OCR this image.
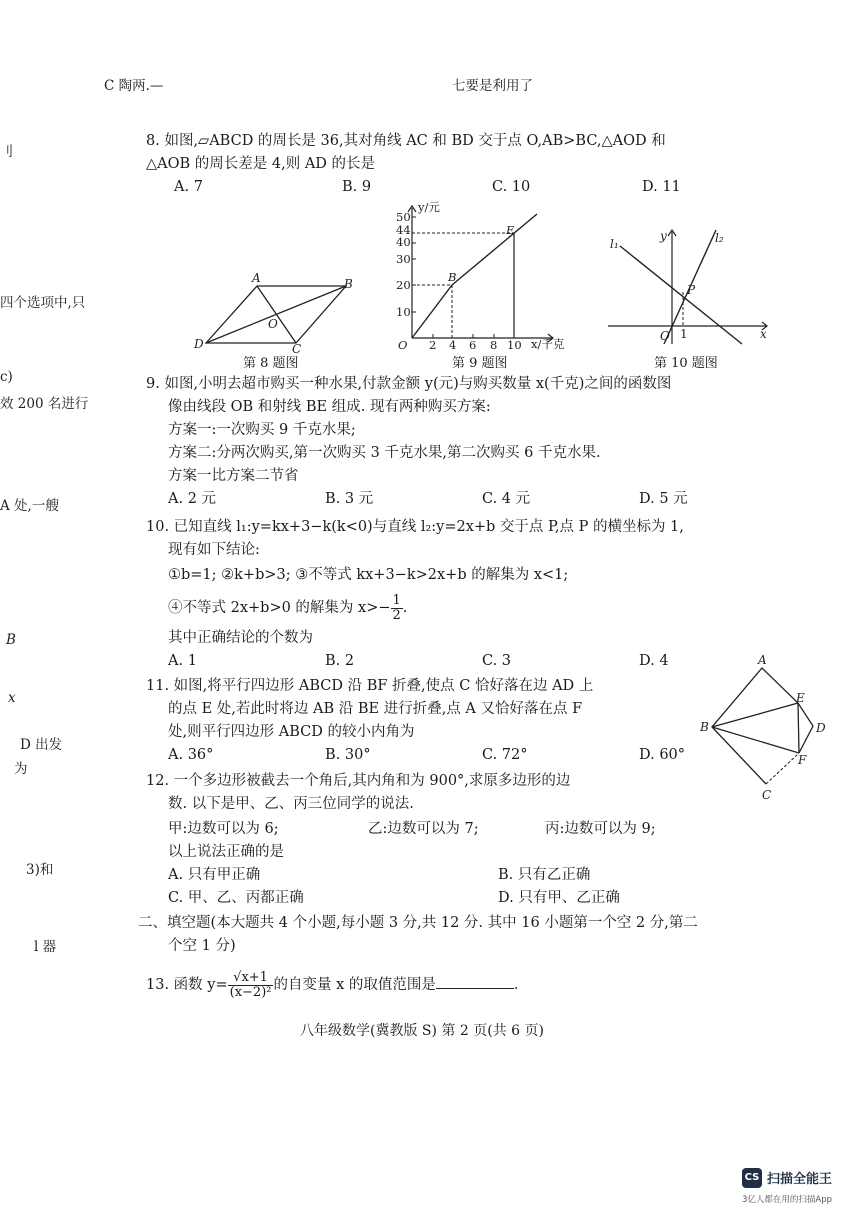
C 陶两.—	七要是利用了
刂
四个选项中,只
c)
效 200 名进行
A 处,一艘
B
x
D 出发
为
3)和
l 器
8. 如图,▱ABCD 的周长是 36,其对角线 AC 和 BD 交于点 O,AB>BC,△AOD 和
△AOB 的周长差是 4,则 AD 的长是
A. 7	B. 9	C. 10	D. 11
A	B
C
D
O
第 8 题图
10
20
30
40
44
50
2 4 6 8 10
O
y/元
x/千克
B
E
第 9 题图
l₁	l₂
y
x
P
O 1
第 10 题图
9. 如图,小明去超市购买一种水果,付款金额 y(元)与购买数量 x(千克)之间的函数图
像由线段 OB 和射线 BE 组成. 现有两种购买方案:
方案一:一次购买 9 千克水果;
方案二:分两次购买,第一次购买 3 千克水果,第二次购买 6 千克水果.
方案一比方案二节省
A. 2 元	B. 3 元	C. 4 元	D. 5 元
10. 已知直线 l₁:y=kx+3−k(k<0)与直线 l₂:y=2x+b 交于点 P,点 P 的横坐标为 1,
现有如下结论:
①b=1; ②k+b>3; ③不等式 kx+3−k>2x+b 的解集为 x<1;
④不等式 2x+b>0 的解集为 $x>- \frac{1}{2}$ .
其中正确结论的个数为
A. 1	B. 2	C. 3	D. 4
11. 如图,将平行四边形 ABCD 沿 BF 折叠,使点 C 恰好落在边 AD 上
的点 E 处,若此时将边 AB 沿 BE 进行折叠,点 A 又恰好落在点 F
处,则平行四边形 ABCD 的较小内角为
A. 36°	B. 30°	C. 72°	D. 60°
A
B
C
D
E
F
12. 一个多边形被截去一个角后,其内角和为 900°,求原多边形的边
数. 以下是甲、乙、丙三位同学的说法.
甲:边数可以为 6;	乙:边数可以为 7;	丙:边数可以为 9;
以上说法正确的是
A. 只有甲正确	B. 只有乙正确
C. 甲、乙、丙都正确	D. 只有甲、乙正确
二、填空题(本大题共 4 个小题,每小题 3 分,共 12 分. 其中 16 小题第一个空 2 分,第二
个空 1 分)
13. 函数 $y= \frac{√x+1}{\text{(x−2)²}}$ 的自变量 x 的取值范围是	.
八年级数学(冀教版 S) 第 2 页(共 6 页)
CS 扫描全能王
3亿人都在用的扫描App
